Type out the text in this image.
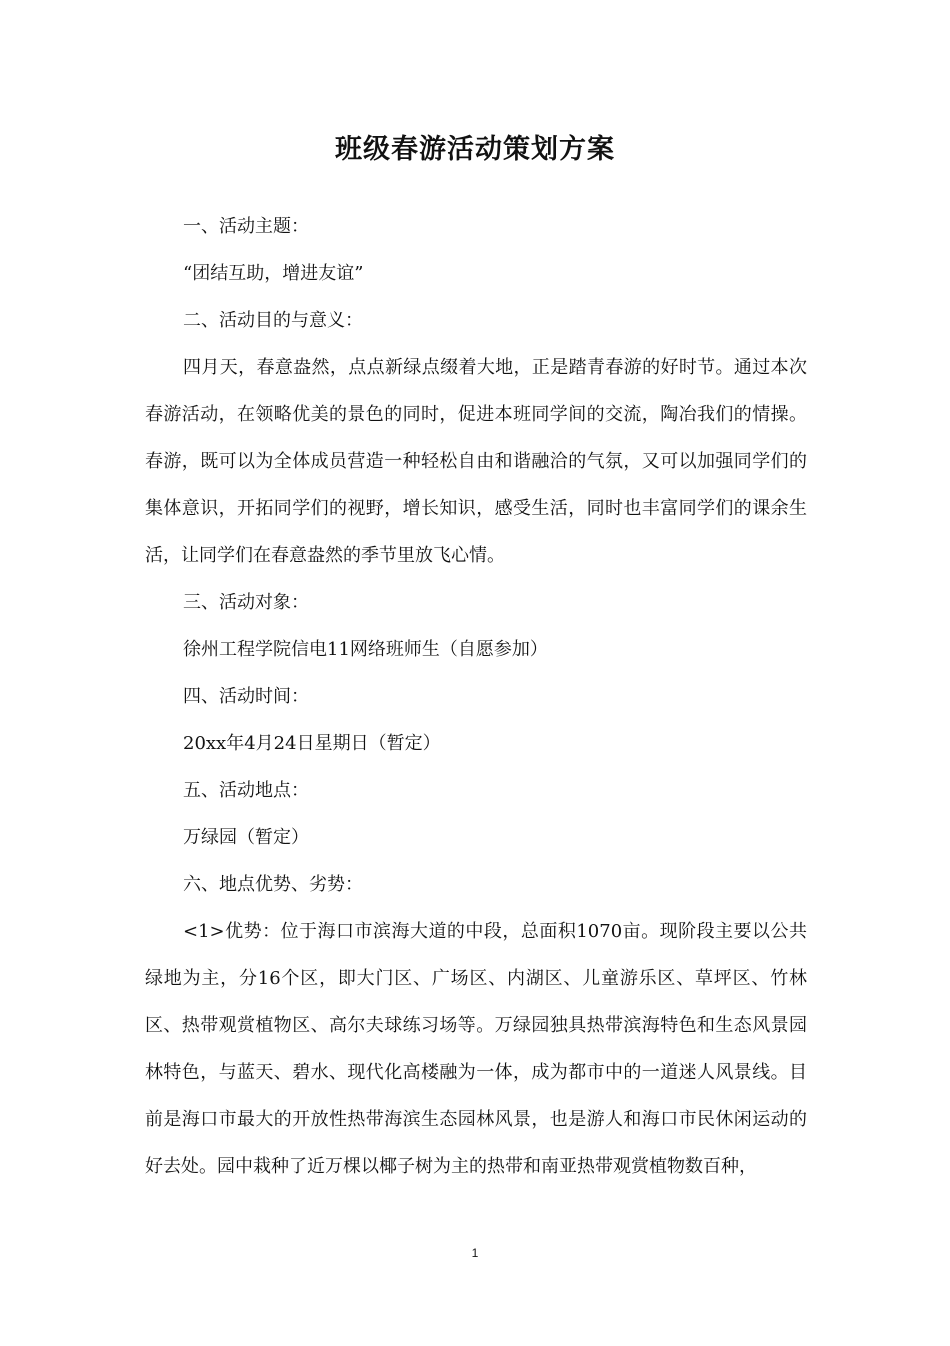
班级春游活动策划方案

一、活动主题：

“团结互助，增进友谊”

二、活动目的与意义：

四月天，春意盎然，点点新绿点缀着大地，正是踏青春游的好时节。通过本次春游活动，在领略优美的景色的同时，促进本班同学间的交流，陶冶我们的情操。春游，既可以为全体成员营造一种轻松自由和谐融洽的气氛，又可以加强同学们的集体意识，开拓同学们的视野，增长知识，感受生活，同时也丰富同学们的课余生活，让同学们在春意盎然的季节里放飞心情。

三、活动对象：

徐州工程学院信电11网络班师生（自愿参加）

四、活动时间：

20xx年4月24日星期日（暂定）

五、活动地点：

万绿园（暂定）

六、地点优势、劣势：

<1>优势：位于海口市滨海大道的中段，总面积1070亩。现阶段主要以公共绿地为主，分16个区，即大门区、广场区、内湖区、儿童游乐区、草坪区、竹林区、热带观赏植物区、高尔夫球练习场等。万绿园独具热带滨海特色和生态风景园林特色，与蓝天、碧水、现代化高楼融为一体，成为都市中的一道迷人风景线。目前是海口市最大的开放性热带海滨生态园林风景，也是游人和海口市民休闲运动的好去处。园中栽种了近万棵以椰子树为主的热带和南亚热带观赏植物数百种，

1
